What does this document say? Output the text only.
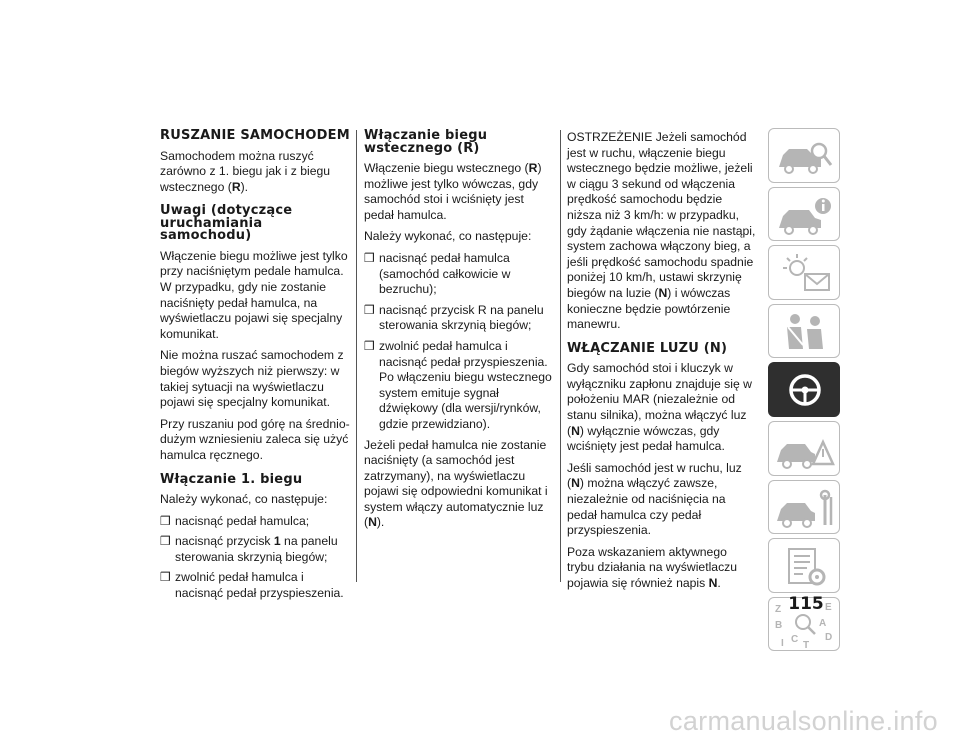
RUSZANIE SAMOCHODEM

Samochodem można ruszyć zarówno z 1. biegu jak i z biegu wstecznego (R).

Uwagi (dotyczące uruchamiania samochodu)

Włączenie biegu możliwe jest tylko przy naciśniętym pedale hamulca. W przypadku, gdy nie zostanie naciśnięty pedał hamulca, na wyświetlaczu pojawi się specjalny komunikat.

Nie można ruszać samochodem z biegów wyższych niż pierwszy: w takiej sytuacji na wyświetlaczu pojawi się specjalny komunikat.

Przy ruszaniu pod górę na średnio-dużym wzniesieniu zaleca się użyć hamulca ręcznego.

Włączanie 1. biegu

Należy wykonać, co następuje:

❒ nacisnąć pedał hamulca;
❒ nacisnąć przycisk 1 na panelu sterowania skrzynią biegów;
❒ zwolnić pedał hamulca i nacisnąć pedał przyspieszenia.
Włączanie biegu wstecznego (R)

Włączenie biegu wstecznego (R) możliwe jest tylko wówczas, gdy samochód stoi i wciśnięty jest pedał hamulca.

Należy wykonać, co następuje:

❒ nacisnąć pedał hamulca (samochód całkowicie w bezruchu);
❒ nacisnąć przycisk R na panelu sterowania skrzynią biegów;
❒ zwolnić pedał hamulca i nacisnąć pedał przyspieszenia. Po włączeniu biegu wstecznego system emituje sygnał dźwiękowy (dla wersji/rynków, gdzie przewidziano).

Jeżeli pedał hamulca nie zostanie naciśnięty (a samochód jest zatrzymany), na wyświetlaczu pojawi się odpowiedni komunikat i system włączy automatycznie luz (N).

OSTRZEŻENIE Jeżeli samochód jest w ruchu, włączenie biegu wstecznego będzie możliwe, jeżeli w ciągu 3 sekund od włączenia prędkość samochodu będzie niższa niż 3 km/h: w przypadku, gdy żądanie włączenia nie nastąpi, system zachowa włączony bieg, a jeśli prędkość samochodu spadnie poniżej 10 km/h, ustawi skrzynię biegów na luzie (N) i wówczas konieczne będzie powtórzenie manewru.

WŁĄCZANIE LUZU (N)

Gdy samochód stoi i kluczyk w wyłączniku zapłonu znajduje się w położeniu MAR (niezależnie od stanu silnika), można włączyć luz (N) wyłącznie wówczas, gdy wciśnięty jest pedał hamulca.

Jeśli samochód jest w ruchu, luz (N) można włączyć zawsze, niezależnie od naciśnięcia na pedał hamulca czy pedał przyspieszenia.

Poza wskazaniem aktywnego trybu działania na wyświetlaczu pojawia się również napis N.

Z	E
B	A
C	D
T
I
115
carmanualsonline.info
